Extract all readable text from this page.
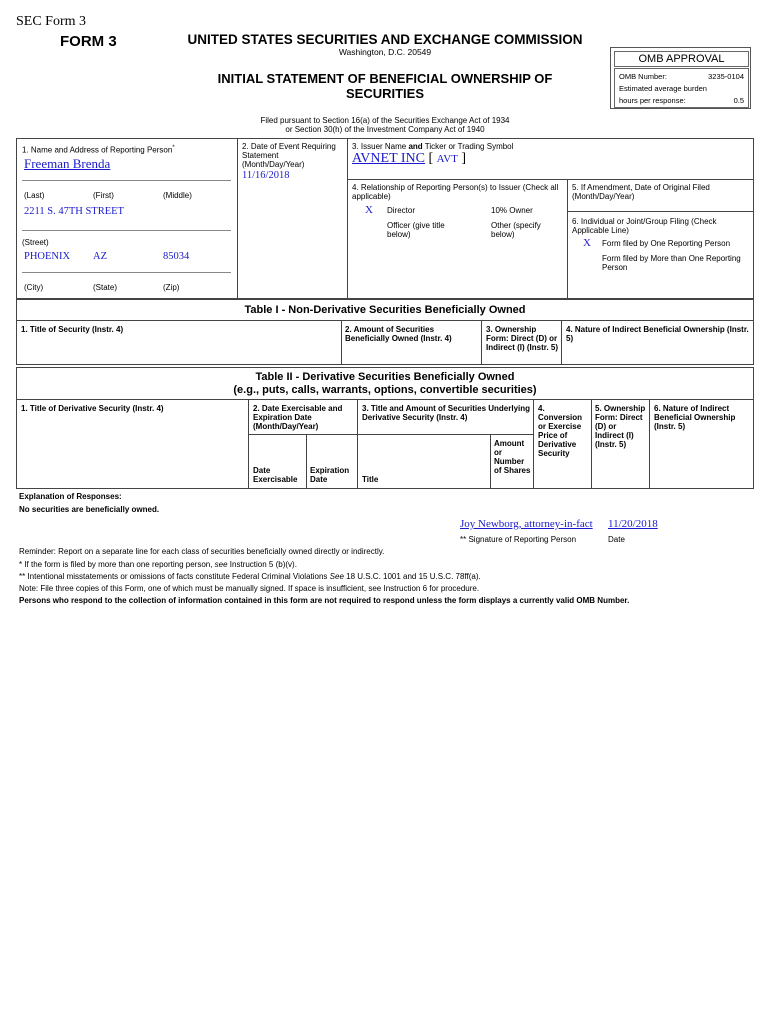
SEC Form 3
FORM 3	UNITED STATES SECURITIES AND EXCHANGE COMMISSION
Washington, D.C. 20549
INITIAL STATEMENT OF BENEFICIAL OWNERSHIP OF SECURITIES
Filed pursuant to Section 16(a) of the Securities Exchange Act of 1934
or Section 30(h) of the Investment Company Act of 1940
OMB APPROVAL
OMB Number:	3235-0104
Estimated average burden
hours per response:	0.5
1. Name and Address of Reporting Person*
Freeman Brenda
(Last)	(First)	(Middle)
2211 S. 47TH STREET
(Street)
PHOENIX AZ	85034
(City)	(State)	(Zip)
2. Date of Event Requiring Statement (Month/Day/Year)
11/16/2018
3. Issuer Name and Ticker or Trading Symbol
AVNET INC [ AVT ]
4. Relationship of Reporting Person(s) to Issuer (Check all applicable)
X Director	10% Owner
Officer (give title below)
Other (specify below)
5. If Amendment, Date of Original Filed (Month/Day/Year)
6. Individual or Joint/Group Filing (Check Applicable Line)
X Form filed by One Reporting Person
Form filed by More than One Reporting Person
Table I - Non-Derivative Securities Beneficially Owned
1. Title of Security (Instr. 4)	2. Amount of Securities Beneficially Owned (Instr. 4)
3. Ownership Form: Direct (D) or Indirect (I) (Instr. 5)
4. Nature of Indirect Beneficial Ownership (Instr. 5)
Table II - Derivative Securities Beneficially Owned
(e.g., puts, calls, warrants, options, convertible securities)
1. Title of Derivative Security (Instr. 4)	2. Date Exercisable and Expiration Date (Month/Day/Year)
Date Exercisable
Expiration Date
3. Title and Amount of Securities Underlying Derivative Security (Instr. 4)
Title
Amount or Number of Shares
4. Conversion or Exercise Price of Derivative Security
5. Ownership Form: Direct (D) or Indirect (I) (Instr. 5)
6. Nature of Indirect Beneficial Ownership (Instr. 5)
Explanation of Responses:
No securities are beneficially owned.
Joy Newborg, attorney-in-fact 11/20/2018
** Signature of Reporting Person	Date
Reminder: Report on a separate line for each class of securities beneficially owned directly or indirectly.
* If the form is filed by more than one reporting person, see Instruction 5 (b)(v).
** Intentional misstatements or omissions of facts constitute Federal Criminal Violations See 18 U.S.C. 1001 and 15 U.S.C. 78ff(a).
Note: File three copies of this Form, one of which must be manually signed. If space is insufficient, see Instruction 6 for procedure.
Persons who respond to the collection of information contained in this form are not required to respond unless the form displays a currently valid OMB Number.
